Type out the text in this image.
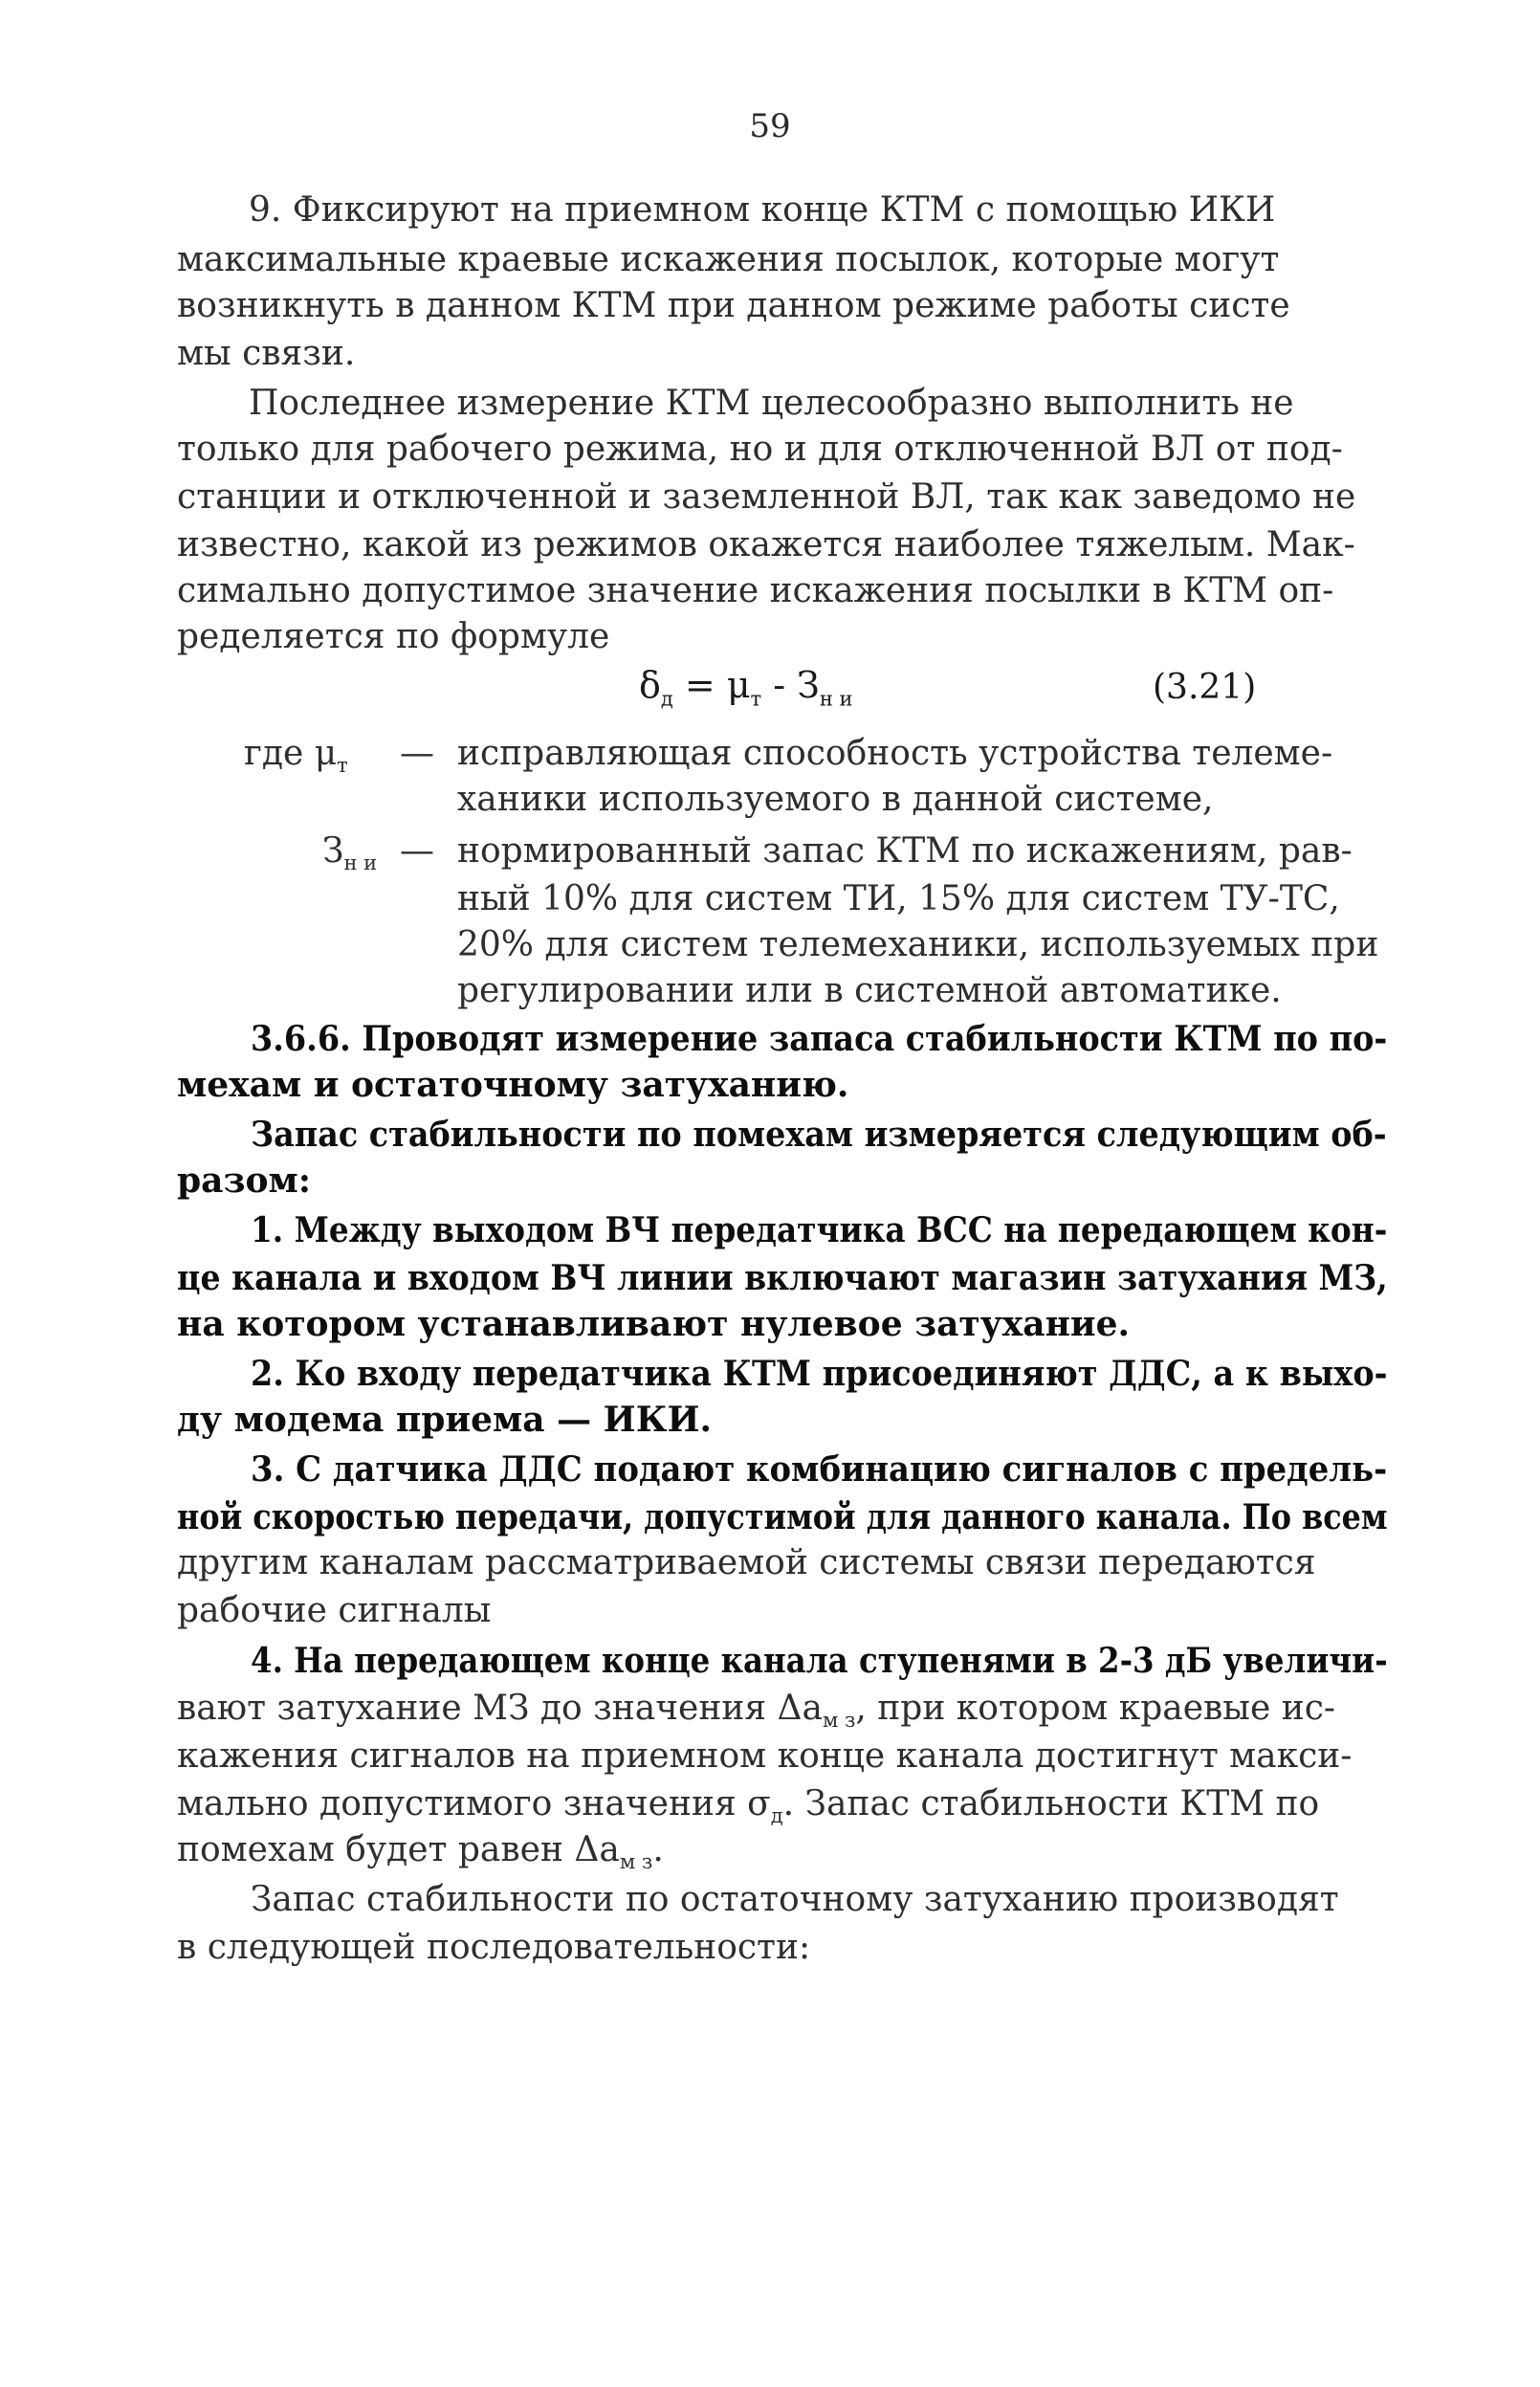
59
9. Фиксируют на приемном конце КТМ с помощью ИКИ
максимальные краевые искажения посылок, которые могут
возникнуть в данном КТМ при данном режиме работы систе
мы связи.
Последнее измерение КТМ целесообразно выполнить не
только для рабочего режима, но и для отключенной ВЛ от под-
станции и отключенной и заземленной ВЛ, так как заведомо не
известно, какой из режимов окажется наиболее тяжелым. Мак-
симально допустимое значение искажения посылки в КТМ оп-
ределяется по формуле
$\delta_д = \mu_т - З_{н и}$	(3.21)
где $\mu_т$ — исправляющая способность устройства телеме-
ханики используемого в данной системе,
$З_{н и}$ — нормированный запас КТМ по искажениям, рав-
ный 10% для систем ТИ, 15% для систем ТУ-ТС,
20% для систем телемеханики, используемых при
регулировании или в системной автоматике.
3.6.6. Проводят измерение запаса стабильности КТМ по по-
мехам и остаточному затуханию.
Запас стабильности по помехам измеряется следующим об-
разом:
1. Между выходом ВЧ передатчика ВСС на передающем кон-
це канала и входом ВЧ линии включают магазин затухания МЗ,
на котором устанавливают нулевое затухание.
2. Ко входу передатчика КТМ присоединяют ДДС, а к выхо-
ду модема приема — ИКИ.
3. С датчика ДДС подают комбинацию сигналов с предель-
ной скоростью передачи, допустимой для данного канала. По всем
другим каналам рассматриваемой системы связи передаются
рабочие сигналы
4. На передающем конце канала ступенями в 2-3 дБ увеличи-
вают затухание МЗ до значения $\Delta a_{м з}$, при котором краевые ис-
кажения сигналов на приемном конце канала достигнут макси-
мально допустимого значения $\sigma_д$. Запас стабильности КТМ по
помехам будет равен $\Delta a_{м з}$.
Запас стабильности по остаточному затуханию производят
в следующей последовательности:
